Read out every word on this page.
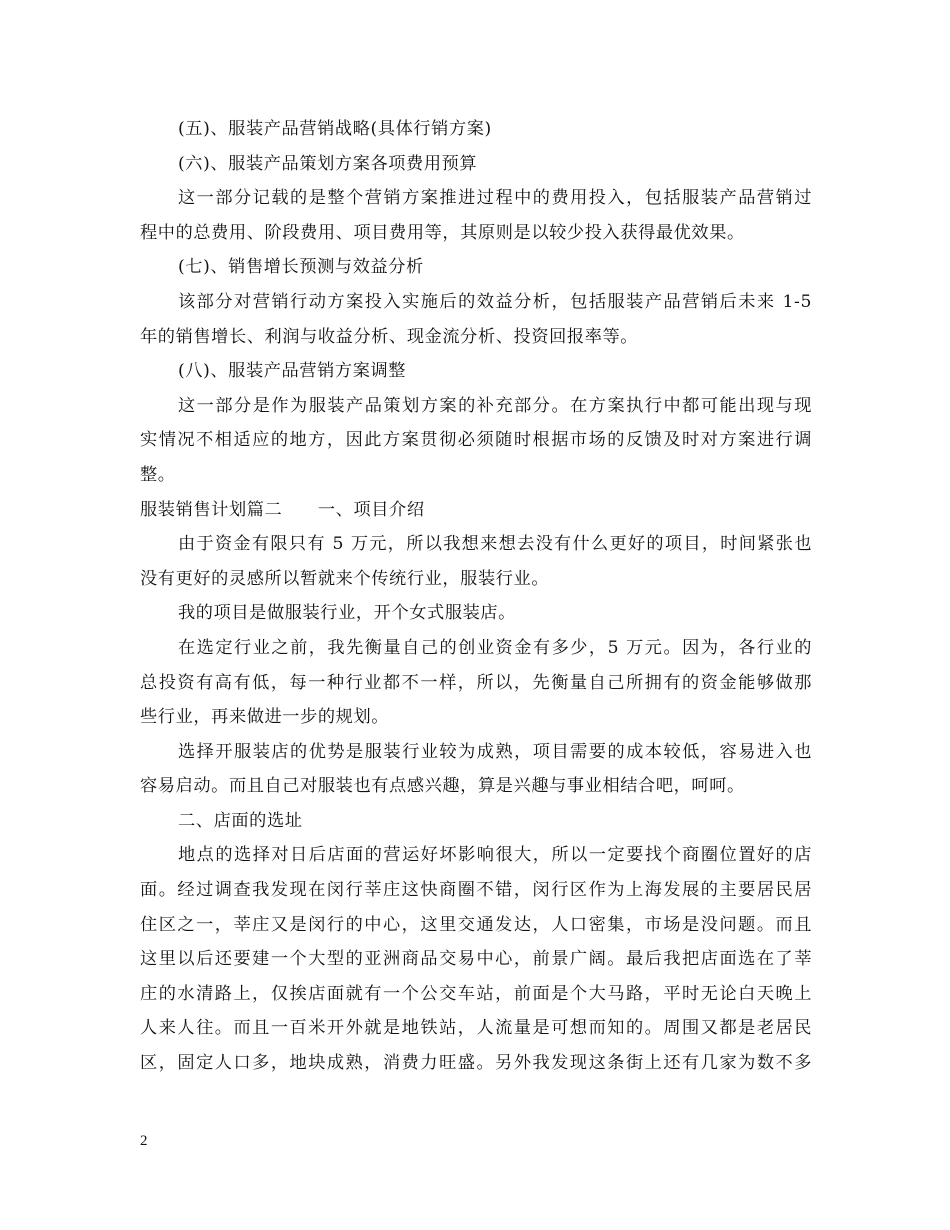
(五)、服装产品营销战略(具体行销方案)
(六)、服装产品策划方案各项费用预算
这一部分记载的是整个营销方案推进过程中的费用投入，包括服装产品营销过
程中的总费用、阶段费用、项目费用等，其原则是以较少投入获得最优效果。
(七)、销售增长预测与效益分析
该部分对营销行动方案投入实施后的效益分析，包括服装产品营销后未来 1-5
年的销售增长、利润与收益分析、现金流分析、投资回报率等。
(八)、服装产品营销方案调整
这一部分是作为服装产品策划方案的补充部分。在方案执行中都可能出现与现
实情况不相适应的地方，因此方案贯彻必须随时根据市场的反馈及时对方案进行调
整。
服装销售计划篇二　　一、项目介绍
由于资金有限只有 5 万元，所以我想来想去没有什么更好的项目，时间紧张也
没有更好的灵感所以暂就来个传统行业，服装行业。
我的项目是做服装行业，开个女式服装店。
在选定行业之前，我先衡量自己的创业资金有多少，5 万元。因为，各行业的
总投资有高有低，每一种行业都不一样，所以，先衡量自己所拥有的资金能够做那
些行业，再来做进一步的规划。
选择开服装店的优势是服装行业较为成熟，项目需要的成本较低，容易进入也
容易启动。而且自己对服装也有点感兴趣，算是兴趣与事业相结合吧，呵呵。
二、店面的选址
地点的选择对日后店面的营运好坏影响很大，所以一定要找个商圈位置好的店
面。经过调查我发现在闵行莘庄这快商圈不错，闵行区作为上海发展的主要居民居
住区之一，莘庄又是闵行的中心，这里交通发达，人口密集，市场是没问题。而且
这里以后还要建一个大型的亚洲商品交易中心，前景广阔。最后我把店面选在了莘
庄的水清路上，仅挨店面就有一个公交车站，前面是个大马路，平时无论白天晚上
人来人往。而且一百米开外就是地铁站，人流量是可想而知的。周围又都是老居民
区，固定人口多，地块成熟，消费力旺盛。另外我发现这条街上还有几家为数不多
2
